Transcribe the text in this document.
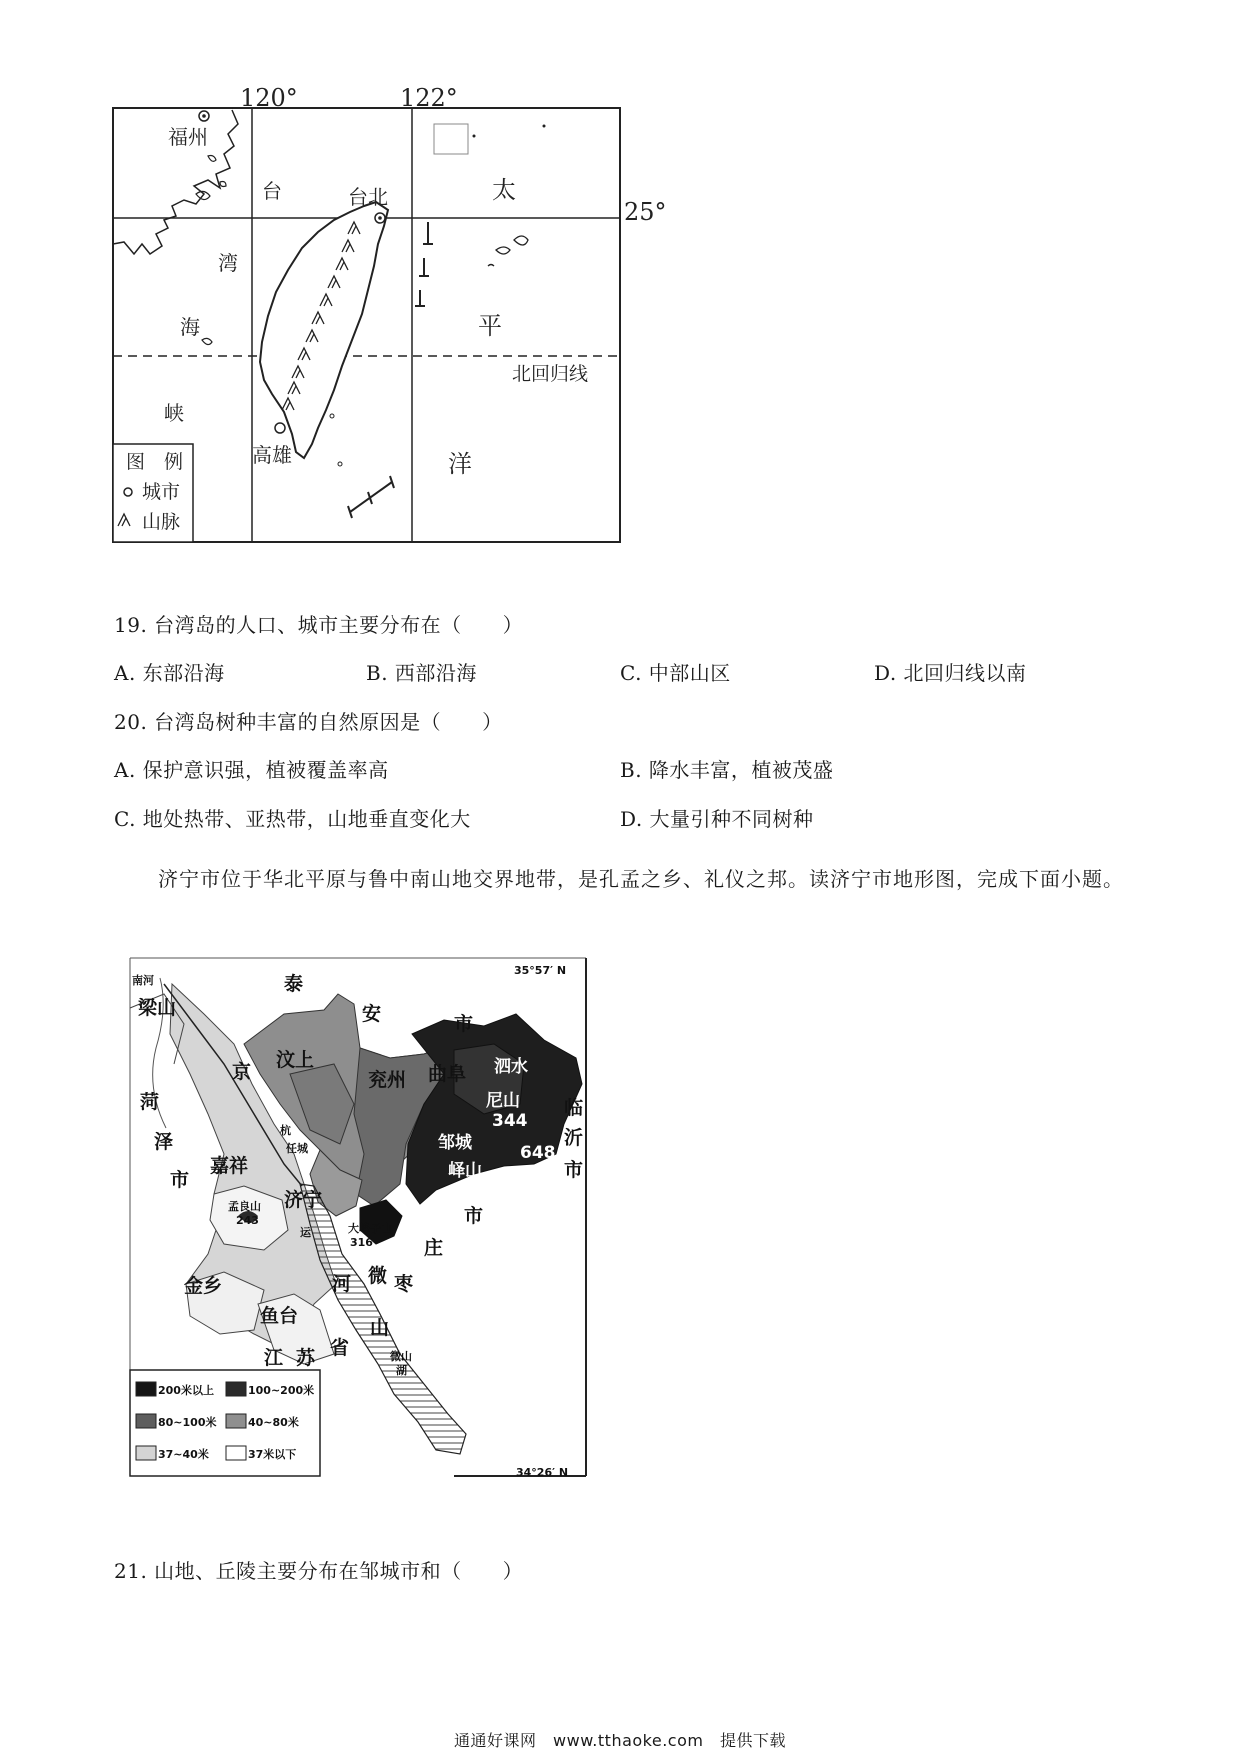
120°	122°
25°
福州
台北
高雄
台
湾
海
峡
太
平
洋
北回归线
图　例
城市
山脉
19. 台湾岛的人口、城市主要分布在（　　）
A. 东部沿海	B. 西部沿海	C. 中部山区	D. 北回归线以南
20. 台湾岛树种丰富的自然原因是（　　）
A. 保护意识强，植被覆盖率高	B. 降水丰富，植被茂盛
C. 地处热带、亚热带，山地垂直变化大	D. 大量引种不同树种
济宁市位于华北平原与鲁中南山地交界地带，是孔孟之乡、礼仪之邦。读济宁市地形图，完成下面小题。
35°57′ N
34°26′ N
南河
梁山
泰
安	市
汶上
兖州 曲阜 泗水
尼山
344
临
沂
市
邹城
峄山
648.8
菏
泽
市
京
杭
嘉祥
任城
济宁
孟良山
243
运	大峰子山
316
河 微
市
庄
枣
山
微山
湖
金乡
鱼台
江 苏 省
200米以上	100~200米
80~100米	40~80米
37~40米	37米以下
21. 山地、丘陵主要分布在邹城市和（　　）
通通好课网　www.tthaoke.com　提供下载
